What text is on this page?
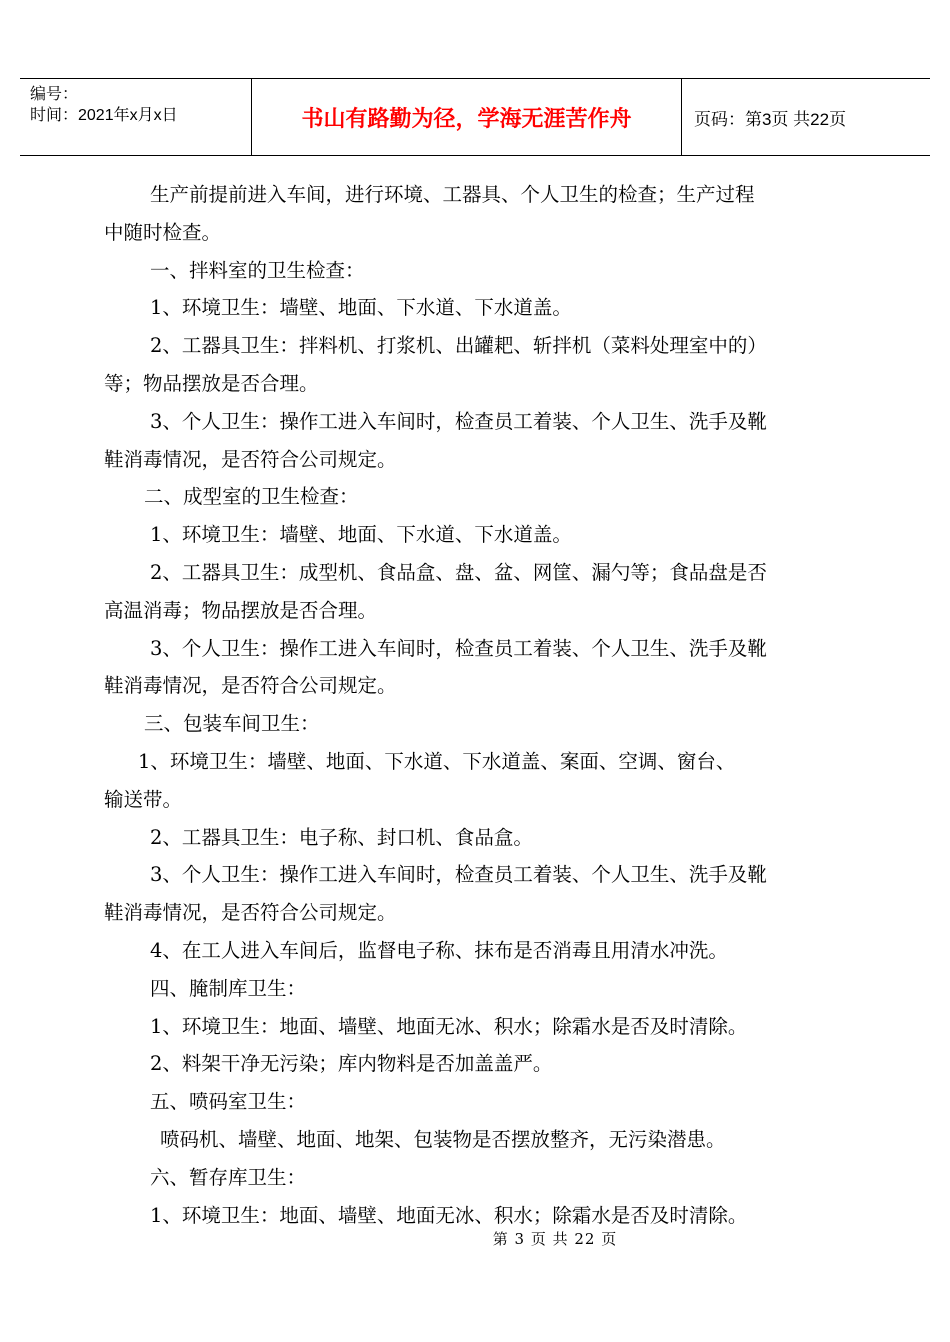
编号：
时间：2021年x月x日	书山有路勤为径，学海无涯苦作舟	页码：第3页 共22页

生产前提前进入车间，进行环境、工器具、个人卫生的检查；生产过程

中随时检查。

一、拌料室的卫生检查：

1、环境卫生：墙壁、地面、下水道、下水道盖。

2、工器具卫生：拌料机、打浆机、出罐耙、斩拌机（菜料处理室中的）

等；物品摆放是否合理。

3、个人卫生：操作工进入车间时，检查员工着装、个人卫生、洗手及靴

鞋消毒情况，是否符合公司规定。

二、成型室的卫生检查：

1、环境卫生：墙壁、地面、下水道、下水道盖。

2、工器具卫生：成型机、食品盒、盘、盆、网筐、漏勺等；食品盘是否

高温消毒；物品摆放是否合理。

3、个人卫生：操作工进入车间时，检查员工着装、个人卫生、洗手及靴

鞋消毒情况，是否符合公司规定。

三、包装车间卫生：

1、环境卫生：墙壁、地面、下水道、下水道盖、案面、空调、窗台、

输送带。

2、工器具卫生：电子称、封口机、食品盒。

3、个人卫生：操作工进入车间时，检查员工着装、个人卫生、洗手及靴

鞋消毒情况，是否符合公司规定。

4、在工人进入车间后，监督电子称、抹布是否消毒且用清水冲洗。

四、腌制库卫生：

1、环境卫生：地面、墙壁、地面无冰、积水；除霜水是否及时清除。

2、料架干净无污染；库内物料是否加盖盖严。

五、喷码室卫生：

喷码机、墙壁、地面、地架、包装物是否摆放整齐，无污染潜患。

六、暂存库卫生：

1、环境卫生：地面、墙壁、地面无冰、积水；除霜水是否及时清除。

第 3 页 共 22 页
